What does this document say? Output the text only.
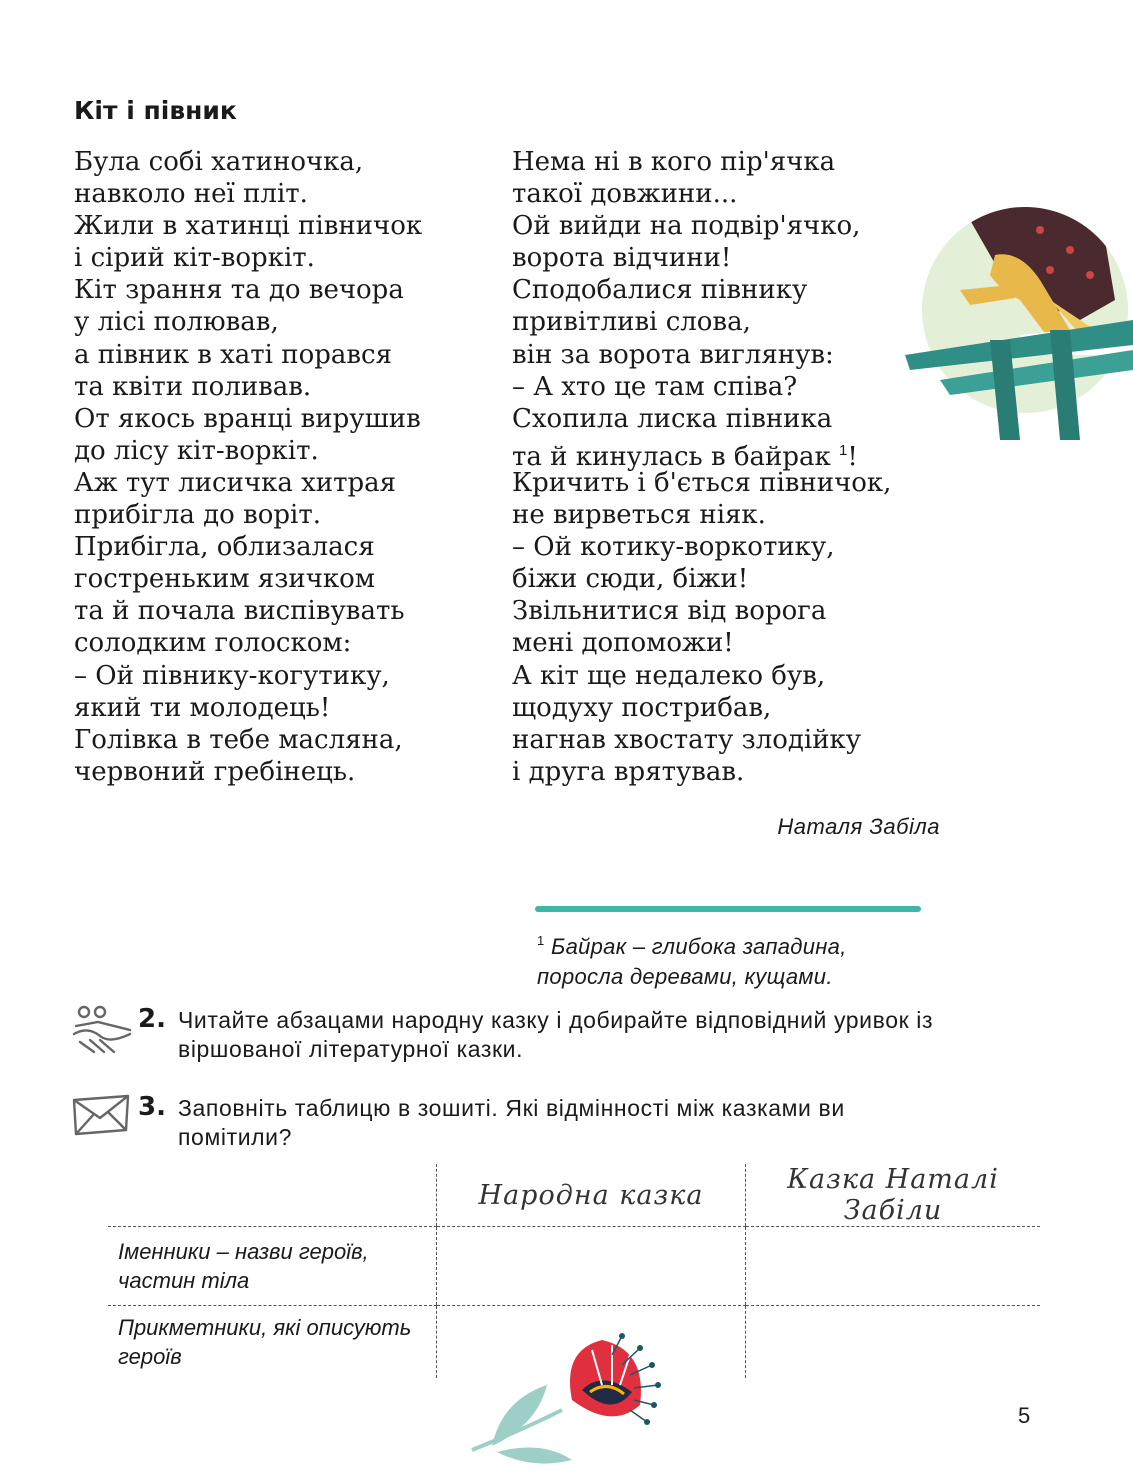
Кіт і півник
Була собі хатиночка,
навколо неї пліт.
Жили в хатинці півничок
і сірий кіт-воркіт.
Кіт зрання та до вечора
у лісі полював,
а півник в хаті порався
та квіти поливав.
От якось вранці вирушив
до лісу кіт-воркіт.
Аж тут лисичка хитрая
прибігла до воріт.
Прибігла, облизалася
гостреньким язичком
та й почала виспівувать
солодким голоском:
– Ой півнику-когутику,
який ти молодець!
Голівка в тебе масляна,
червоний гребінець.
Нема ні в кого пір'ячка
такої довжини...
Ой вийди на подвір'ячко,
ворота відчини!
Сподобалися півнику
привітливі слова,
він за ворота виглянув:
– А хто це там співа?
Схопила лиска півника
та й кинулась в байрак $^1$!
Кричить і б'ється півничок,
не вирветься ніяк.
– Ой котику-воркотику,
біжи сюди, біжи!
Звільнитися від ворога
мені допоможи!
А кіт ще недалеко був,
щодуху пострибав,
нагнав хвостату злодійку
і друга врятував.
Наталя Забіла
$^1$ Байрак – глибока западина, поросла деревами, кущами.
2. Читайте абзацами народну казку і добирайте відповідний уривок із віршованої літературної казки.
3. Заповніть таблицю в зошиті. Які відмінності між казками ви помітили?
	Народна казка	Казка Наталі Забіли
Іменники – назви героїв, частин тіла		
Прикметники, які описують героїв		
5
